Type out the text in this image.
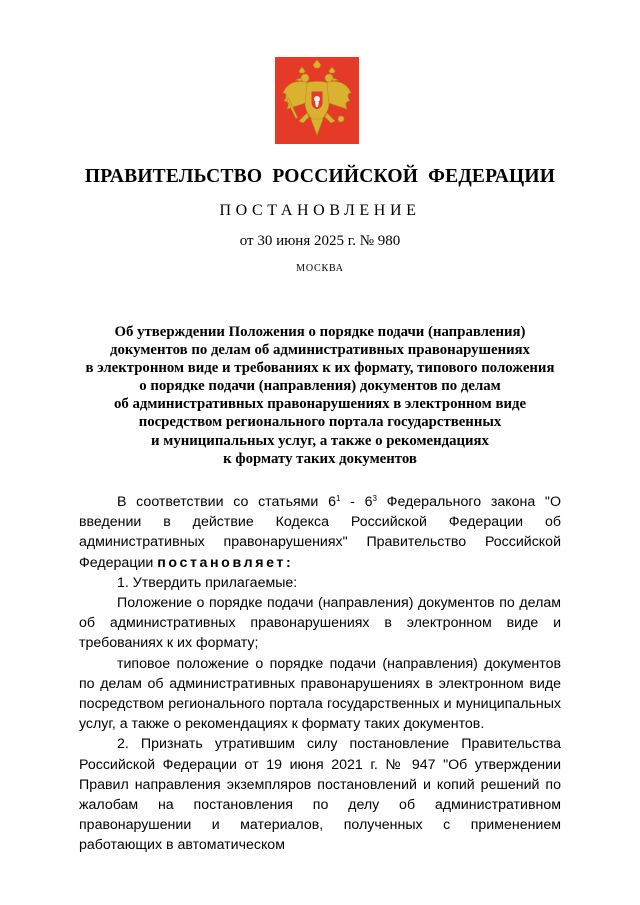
ПРАВИТЕЛЬСТВО РОССИЙСКОЙ ФЕДЕРАЦИИ
ПОСТАНОВЛЕНИЕ
от 30 июня 2025 г. № 980
МОСКВА
Об утверждении Положения о порядке подачи (направления)
документов по делам об административных правонарушениях
в электронном виде и требованиях к их формату, типового положения
о порядке подачи (направления) документов по делам
об административных правонарушениях в электронном виде
посредством регионального портала государственных
и муниципальных услуг, а также о рекомендациях
к формату таких документов

В соответствии со статьями $6^1 - 6^3$ Федерального закона "О введении в действие Кодекса Российской Федерации об административных правонарушениях" Правительство Российской Федерации постановляет:

1. Утвердить прилагаемые:

Положение о порядке подачи (направления) документов по делам об административных правонарушениях в электронном виде и требованиях к их формату;

типовое положение о порядке подачи (направления) документов по делам об административных правонарушениях в электронном виде посредством регионального портала государственных и муниципальных услуг, а также о рекомендациях к формату таких документов.

2. Признать утратившим силу постановление Правительства Российской Федерации от 19 июня 2021 г. № 947 "Об утверждении Правил направления экземпляров постановлений и копий решений по жалобам на постановления по делу об административном правонарушении и материалов, полученных с применением работающих в автоматическом
